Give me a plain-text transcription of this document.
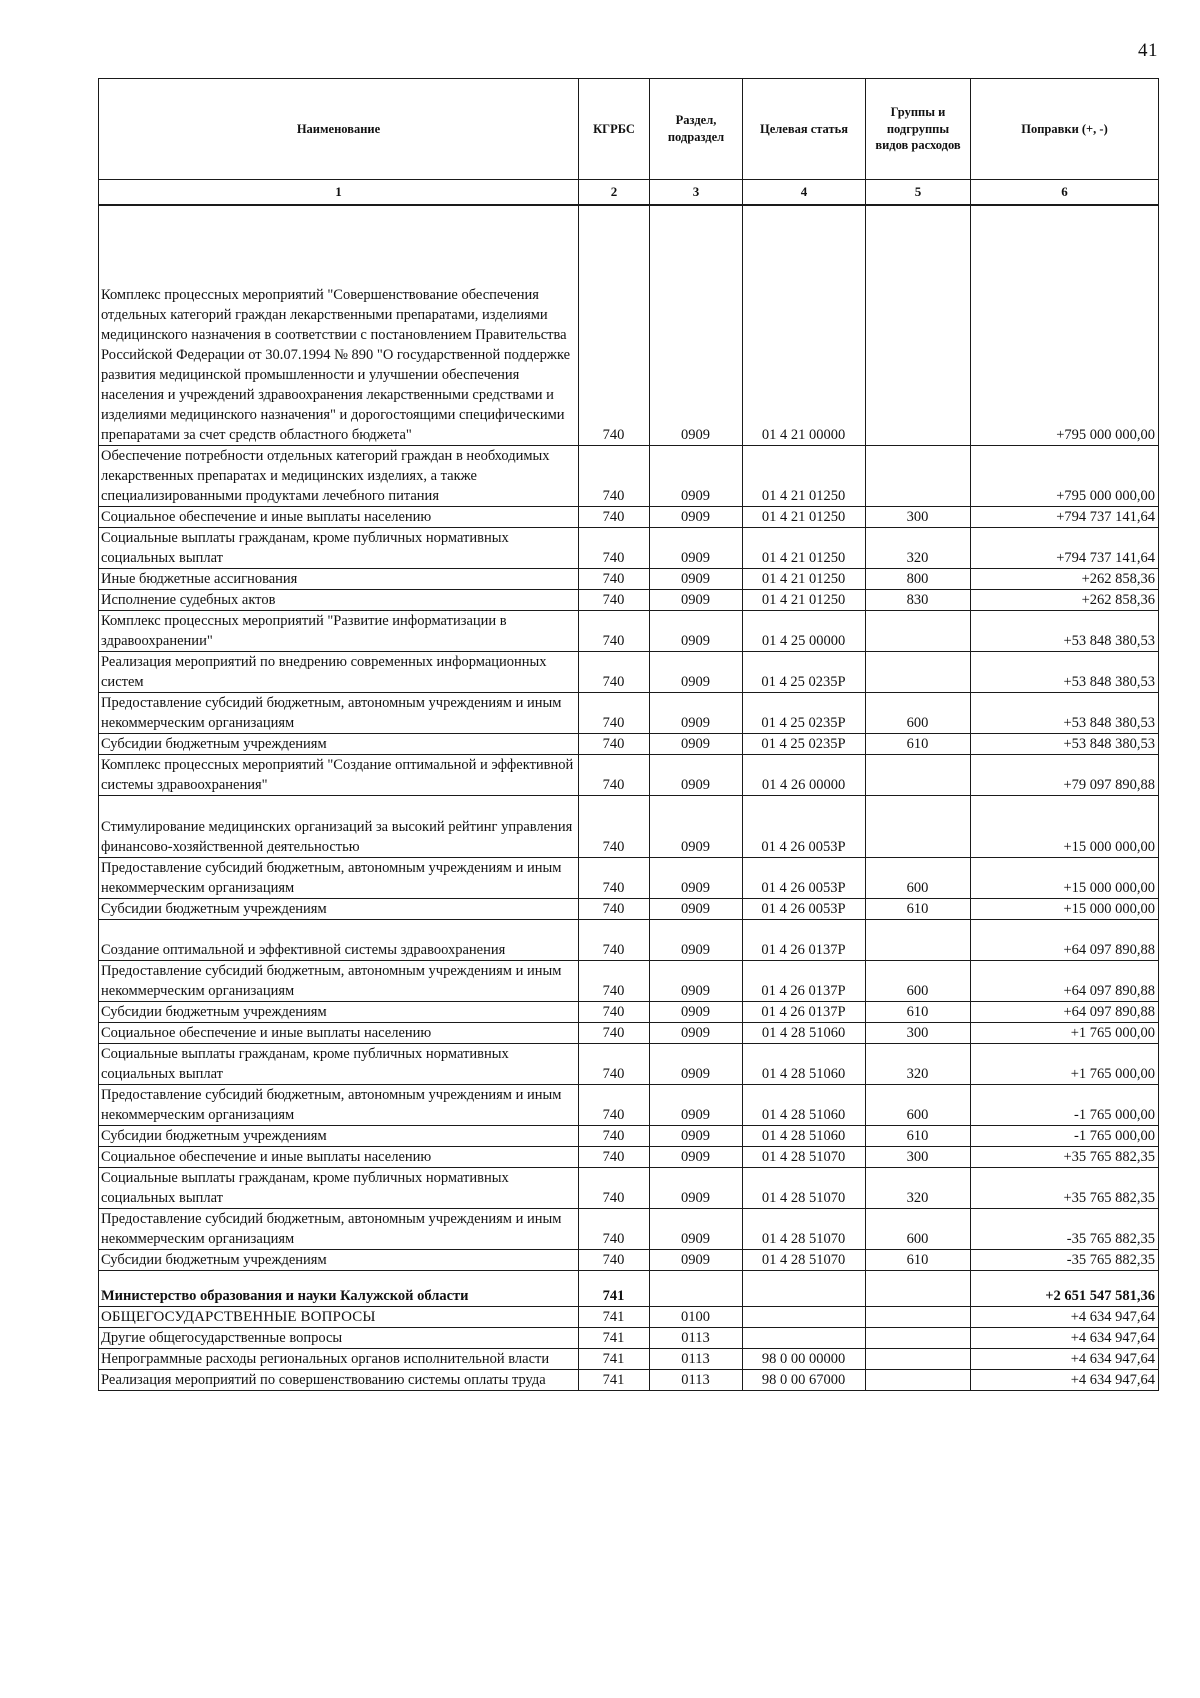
41
Наименование	КГРБС	Раздел, подраздел	Целевая статья	Группы и подгруппы видов расходов	Поправки (+, -)
1	2	3	4	5	6
Комплекс процессных мероприятий "Совершенствование обеспечения отдельных категорий граждан лекарственными препаратами, изделиями медицинского назначения в соответствии с постановлением Правительства Российской Федерации от 30.07.1994 № 890 "О государственной поддержке развития медицинской промышленности и улучшении обеспечения населения и учреждений здравоохранения лекарственными средствами и изделиями медицинского назначения" и дорогостоящими специфическими препаратами за счет средств областного бюджета"	740	0909	01 4 21 00000		+795 000 000,00
Обеспечение потребности отдельных категорий граждан в необходимых лекарственных препаратах и медицинских изделиях, а также специализированными продуктами лечебного питания	740	0909	01 4 21 01250		+795 000 000,00
Социальное обеспечение и иные выплаты населению	740	0909	01 4 21 01250	300	+794 737 141,64
Социальные выплаты гражданам, кроме публичных нормативных социальных выплат	740	0909	01 4 21 01250	320	+794 737 141,64
Иные бюджетные ассигнования	740	0909	01 4 21 01250	800	+262 858,36
Исполнение судебных актов	740	0909	01 4 21 01250	830	+262 858,36
Комплекс процессных мероприятий "Развитие информатизации в здравоохранении"	740	0909	01 4 25 00000		+53 848 380,53
Реализация мероприятий по внедрению современных информационных систем	740	0909	01 4 25 0235P		+53 848 380,53
Предоставление субсидий бюджетным, автономным учреждениям и иным некоммерческим организациям	740	0909	01 4 25 0235P	600	+53 848 380,53
Субсидии бюджетным учреждениям	740	0909	01 4 25 0235P	610	+53 848 380,53
Комплекс процессных мероприятий "Создание оптимальной и эффективной системы здравоохранения"	740	0909	01 4 26 00000		+79 097 890,88
Стимулирование медицинских организаций за высокий рейтинг управления финансово-хозяйственной деятельностью	740	0909	01 4 26 0053P		+15 000 000,00
Предоставление субсидий бюджетным, автономным учреждениям и иным некоммерческим организациям	740	0909	01 4 26 0053P	600	+15 000 000,00
Субсидии бюджетным учреждениям	740	0909	01 4 26 0053P	610	+15 000 000,00
Создание оптимальной и эффективной системы здравоохранения	740	0909	01 4 26 0137P		+64 097 890,88
Предоставление субсидий бюджетным, автономным учреждениям и иным некоммерческим организациям	740	0909	01 4 26 0137P	600	+64 097 890,88
Субсидии бюджетным учреждениям	740	0909	01 4 26 0137P	610	+64 097 890,88
Социальное обеспечение и иные выплаты населению	740	0909	01 4 28 51060	300	+1 765 000,00
Социальные выплаты гражданам, кроме публичных нормативных социальных выплат	740	0909	01 4 28 51060	320	+1 765 000,00
Предоставление субсидий бюджетным, автономным учреждениям и иным некоммерческим организациям	740	0909	01 4 28 51060	600	-1 765 000,00
Субсидии бюджетным учреждениям	740	0909	01 4 28 51060	610	-1 765 000,00
Социальное обеспечение и иные выплаты населению	740	0909	01 4 28 51070	300	+35 765 882,35
Социальные выплаты гражданам, кроме публичных нормативных социальных выплат	740	0909	01 4 28 51070	320	+35 765 882,35
Предоставление субсидий бюджетным, автономным учреждениям и иным некоммерческим организациям	740	0909	01 4 28 51070	600	-35 765 882,35
Субсидии бюджетным учреждениям	740	0909	01 4 28 51070	610	-35 765 882,35
Министерство образования и науки Калужской области	741				+2 651 547 581,36
ОБЩЕГОСУДАРСТВЕННЫЕ ВОПРОСЫ	741	0100			+4 634 947,64
Другие общегосударственные вопросы	741	0113			+4 634 947,64
Непрограммные расходы региональных органов исполнительной власти	741	0113	98 0 00 00000		+4 634 947,64
Реализация мероприятий по совершенствованию системы оплаты труда	741	0113	98 0 00 67000		+4 634 947,64
